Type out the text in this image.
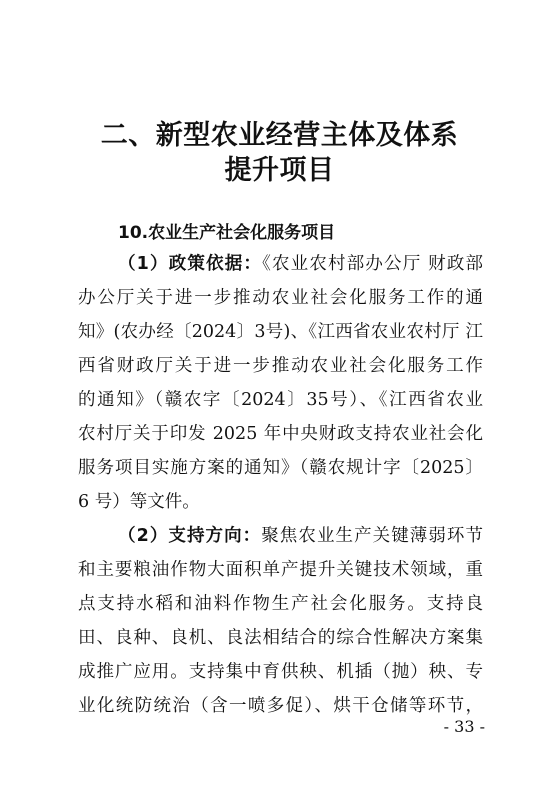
二、新型农业经营主体及体系
提升项目
10.农业生产社会化服务项目
（1）政策依据：《农业农村部办公厅 财政部
办公厅关于进一步推动农业社会化服务工作的通
知》(农办经〔2024〕3号)、《江西省农业农村厅 江
西省财政厅关于进一步推动农业社会化服务工作
的通知》（赣农字〔2024〕35号）、《江西省农业
农村厅关于印发 2025 年中央财政支持农业社会化
服务项目实施方案的通知》（赣农规计字〔2025〕
6 号）等文件。
（2）支持方向：聚焦农业生产关键薄弱环节
和主要粮油作物大面积单产提升关键技术领域，重
点支持水稻和油料作物生产社会化服务。支持良
田、良种、良机、良法相结合的综合性解决方案集
成推广应用。支持集中育供秧、机插（抛）秧、专
业化统防统治（含一喷多促）、烘干仓储等环节，
- 33 -
